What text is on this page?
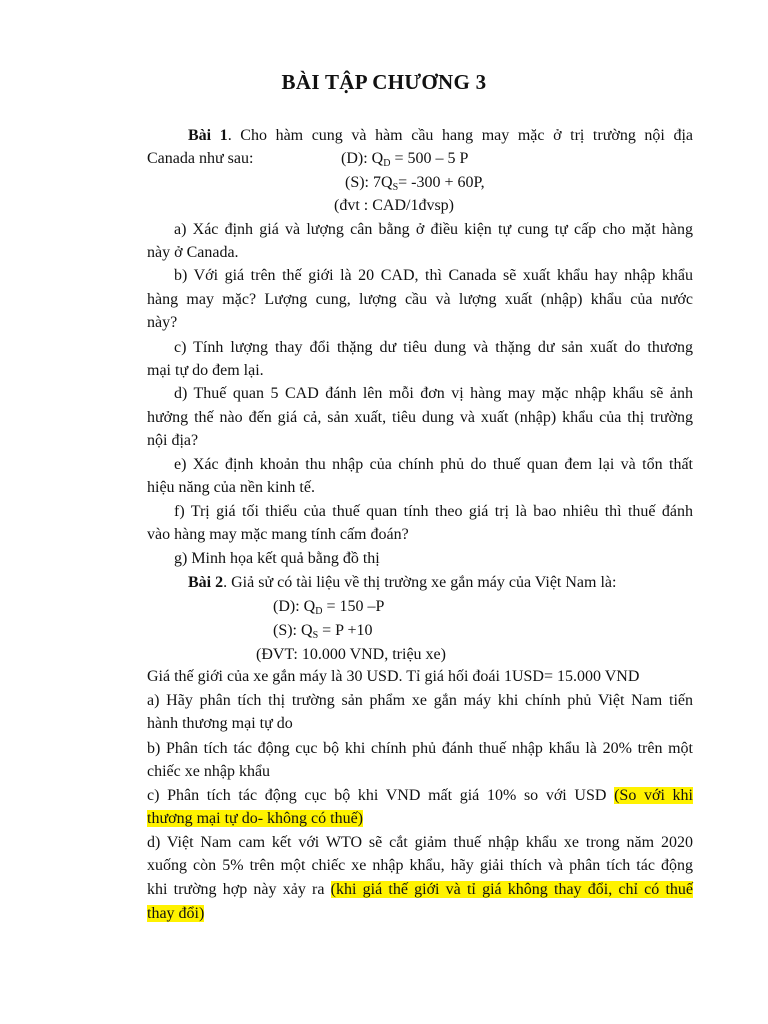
BÀI TẬP CHƯƠNG 3
Bài 1. Cho hàm cung và hàm cầu hang may mặc ở trị trường nội địa
Canada như sau:	(D): $Q_D = 500 - 5$ P
(S): $7Q_S= -300 + 60P$,
(đvt : CAD/1đvsp)
a) Xác định giá và lượng cân bằng ở điều kiện tự cung tự cấp cho mặt hàng
này ở Canada.
b) Với giá trên thế giới là 20 CAD, thì Canada sẽ xuất khẩu hay nhập khẩu
hàng may mặc? Lượng cung, lượng cầu và lượng xuất (nhập) khẩu của nước
này?
c) Tính lượng thay đổi thặng dư tiêu dung và thặng dư sản xuất do thương
mại tự do đem lại.
d) Thuế quan 5 CAD đánh lên mỗi đơn vị hàng may mặc nhập khẩu sẽ ảnh
hưởng thế nào đến giá cả, sản xuất, tiêu dung và xuất (nhập) khẩu của thị trường
nội địa?
e) Xác định khoản thu nhập của chính phủ do thuế quan đem lại và tổn thất
hiệu năng của nền kinh tế.
f) Trị giá tối thiểu của thuế quan tính theo giá trị là bao nhiêu thì thuế đánh
vào hàng may mặc mang tính cấm đoán?
g) Minh họa kết quả bằng đồ thị
Bài 2. Giả sử có tài liệu về thị trường xe gắn máy của Việt Nam là:
(D): $Q_D = 150$ –P
(S): $Q_S = P +10$
(ĐVT: 10.000 VND, triệu xe)
Giá thế giới của xe gắn máy là 30 USD. Tỉ giá hối đoái 1USD= 15.000 VND
a) Hãy phân tích thị trường sản phẩm xe gắn máy khi chính phủ Việt Nam tiến
hành thương mại tự do
b) Phân tích tác động cục bộ khi chính phủ đánh thuế nhập khẩu là 20% trên một
chiếc xe nhập khẩu
c) Phân tích tác động cục bộ khi VND mất giá 10% so với USD (So với khi
thương mại tự do- không có thuế)
d) Việt Nam cam kết với WTO sẽ cắt giảm thuế nhập khẩu xe trong năm 2020
xuống còn 5% trên một chiếc xe nhập khẩu, hãy giải thích và phân tích tác động
khi trường hợp này xảy ra (khi giá thế giới và tỉ giá không thay đổi, chỉ có thuế
thay đổi)
